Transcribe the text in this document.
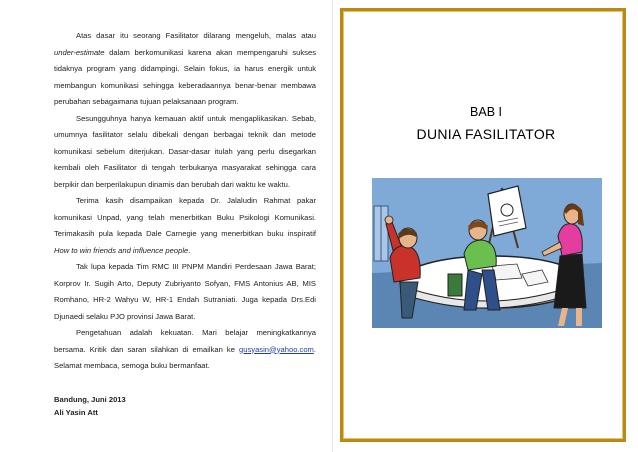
Atas dasar itu seorang Fasilitator dilarang mengeluh, malas atau under-estimate dalam berkomunikasi karena akan mempengaruhi sukses tidaknya program yang didampingi. Selain fokus, ia harus energik untuk membangun komunikasi sehingga keberadaannya benar-benar membawa perubahan sebagaimana tujuan pelaksanaan program.

Sesungguhnya hanya kemauan aktif untuk mengaplikasikan. Sebab, umumnya fasilitator selalu dibekali dengan berbagai teknik dan metode komunikasi sebelum diterjukan. Dasar-dasar itulah yang perlu disegarkan kembali oleh Fasilitator di tengah terbukanya masyarakat sehingga cara berpikir dan berperilakupun dinamis dan berubah dari waktu ke waktu.

Terima kasih disampaikan kepada Dr. Jalaludin Rahmat pakar komunikasi Unpad, yang telah menerbitkan Buku Psikologi Komunikasi. Terimakasih pula kepada Dale Carnegie yang menerbitkan buku inspiratif How to win friends and influence people.

Tak lupa kepada Tim RMC III PNPM Mandiri Perdesaan Jawa Barat; Korprov Ir. Sugih Arto, Deputy Zubriyanto Sofyan, FMS Antonius AB, MIS Romhano, HR-2 Wahyu W, HR-1 Endah Sutraniati. Juga kepada Drs.Edi Djunaedi selaku PJO provinsi Jawa Barat.

Pengetahuan adalah kekuatan. Mari belajar meningkatkannya bersama. Kritik dan saran silahkan di emailkan ke gusyasin@yahoo.com. Selamat membaca, semoga buku bermanfaat.

Bandung, Juni 2013
Ali Yasin Att
BAB I
DUNIA FASILITATOR
